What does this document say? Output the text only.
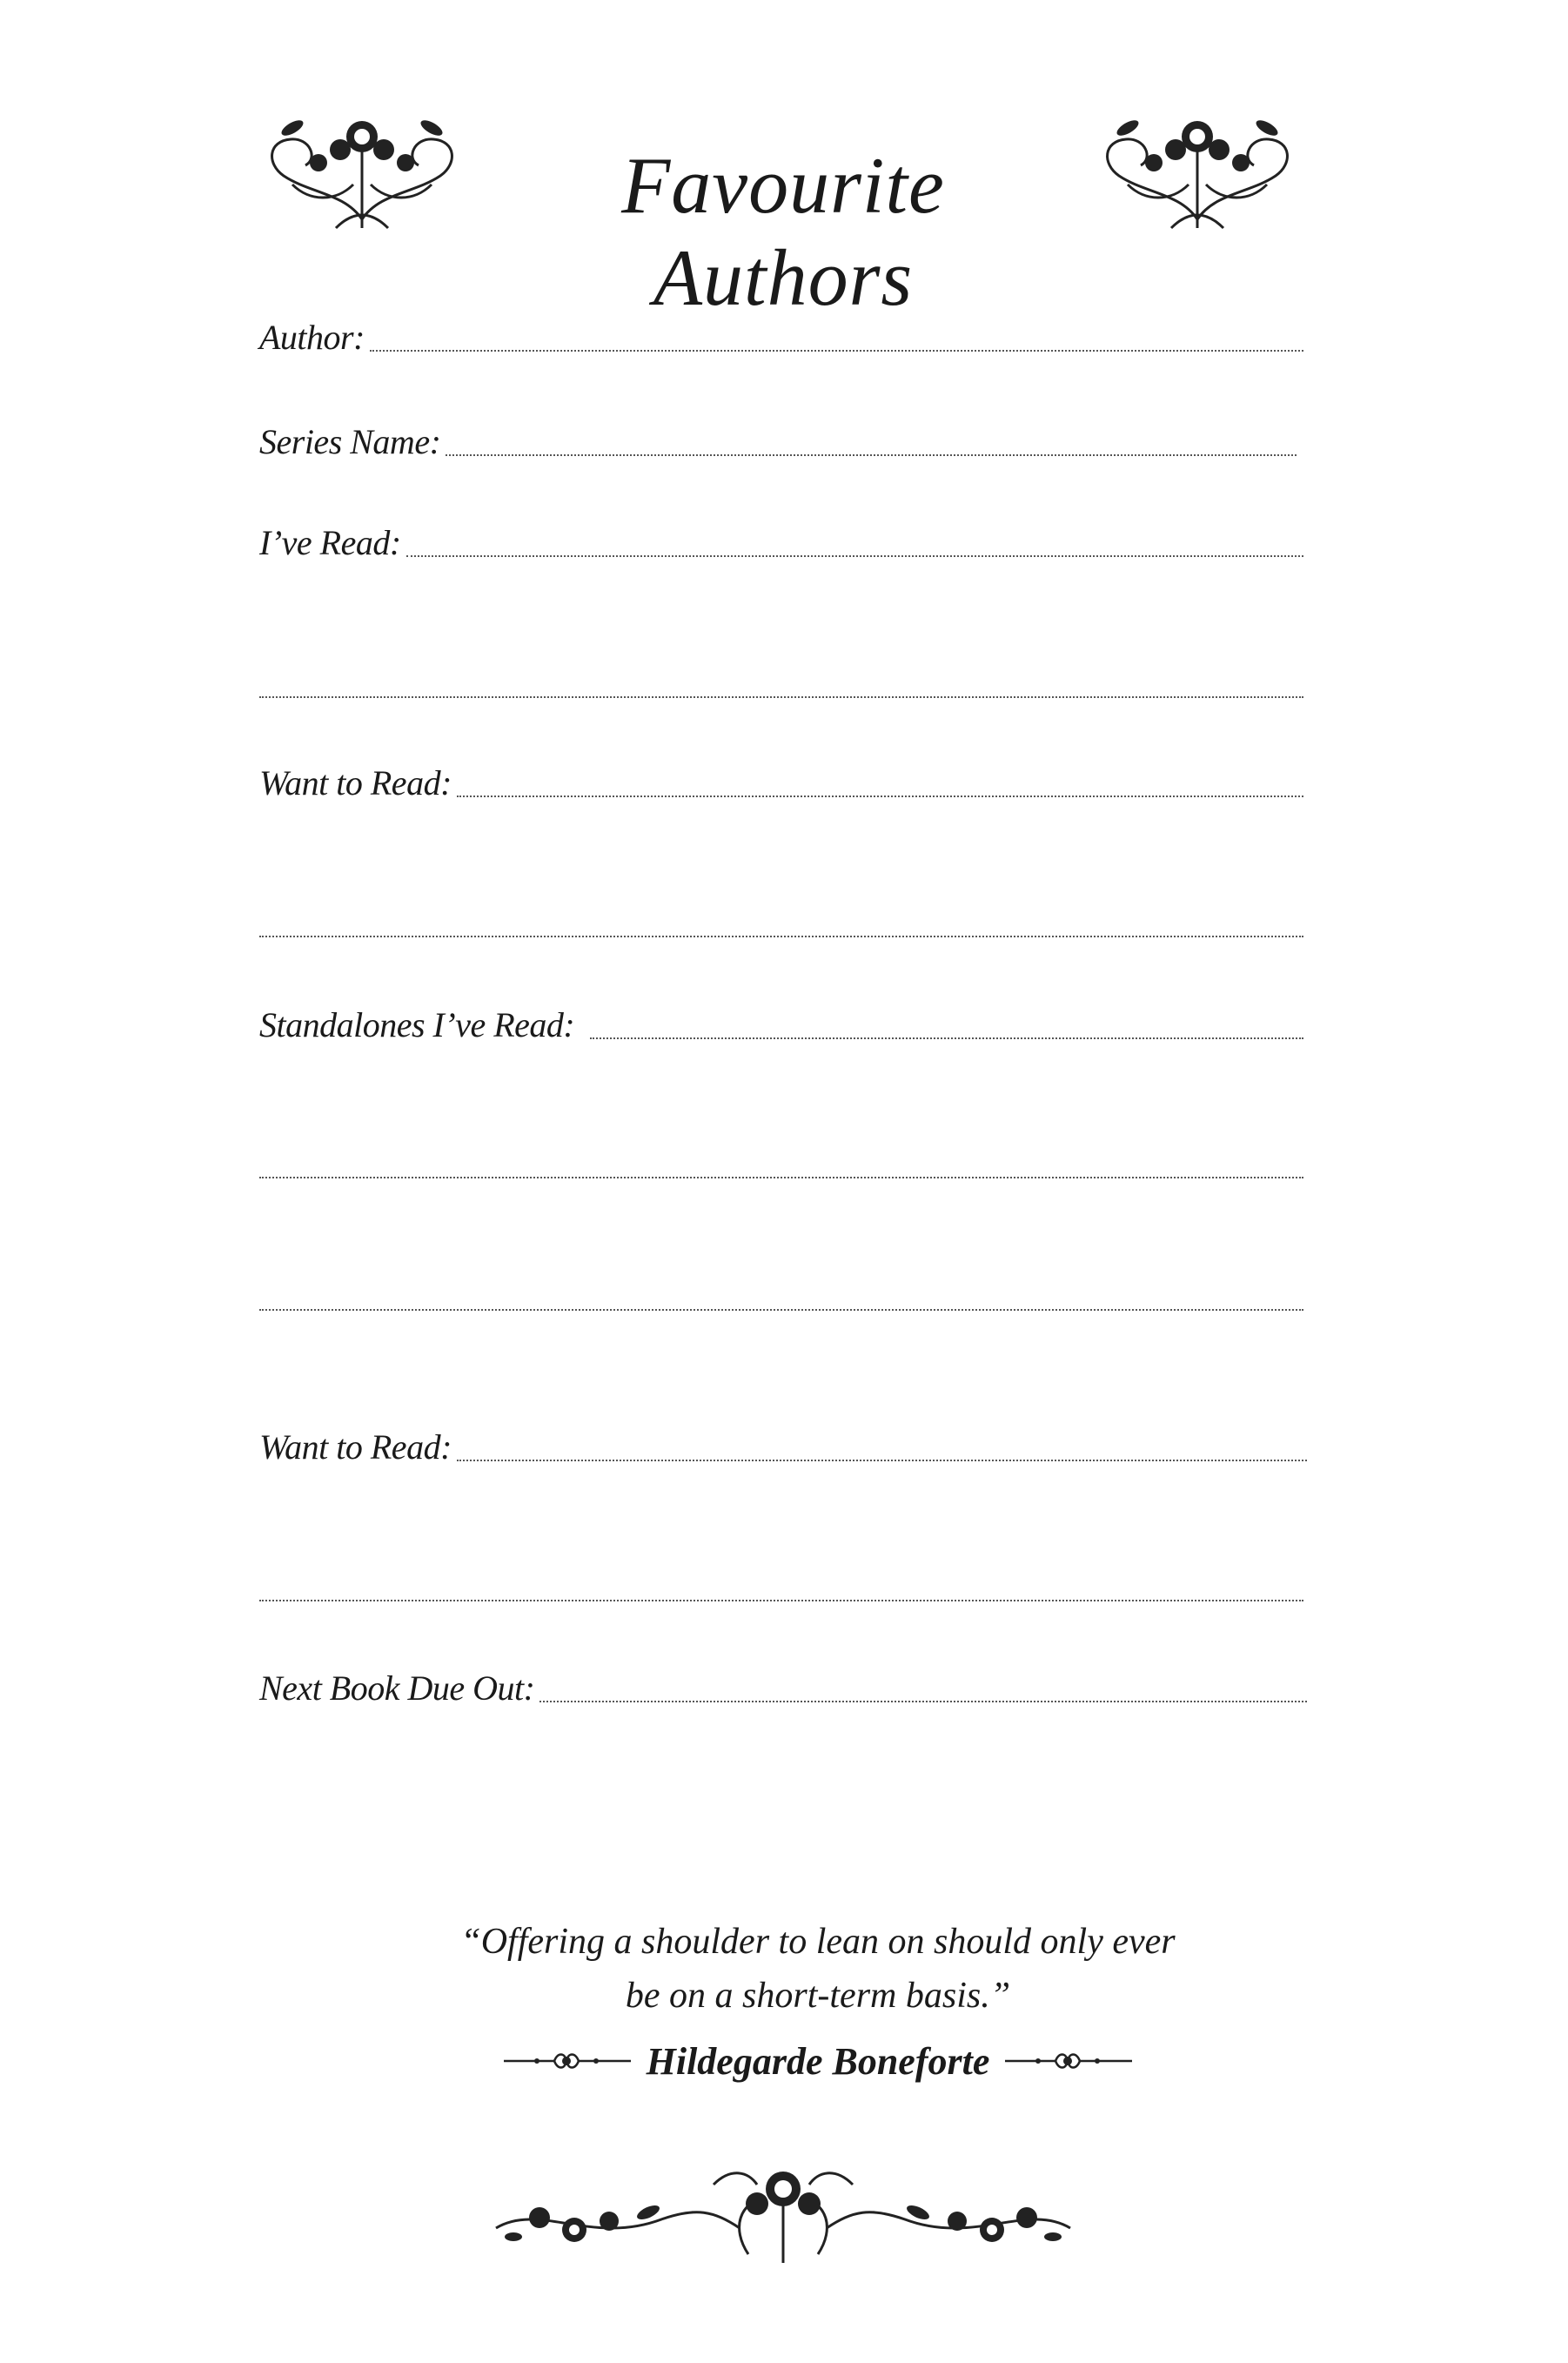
Favourite Authors
Author:
Series Name:
I’ve Read:
Want to Read:
Standalones I’ve Read:
Want to Read:
Next Book Due Out:
“Offering a shoulder to lean on should only ever
be on a short-term basis.”
Hildegarde Boneforte
